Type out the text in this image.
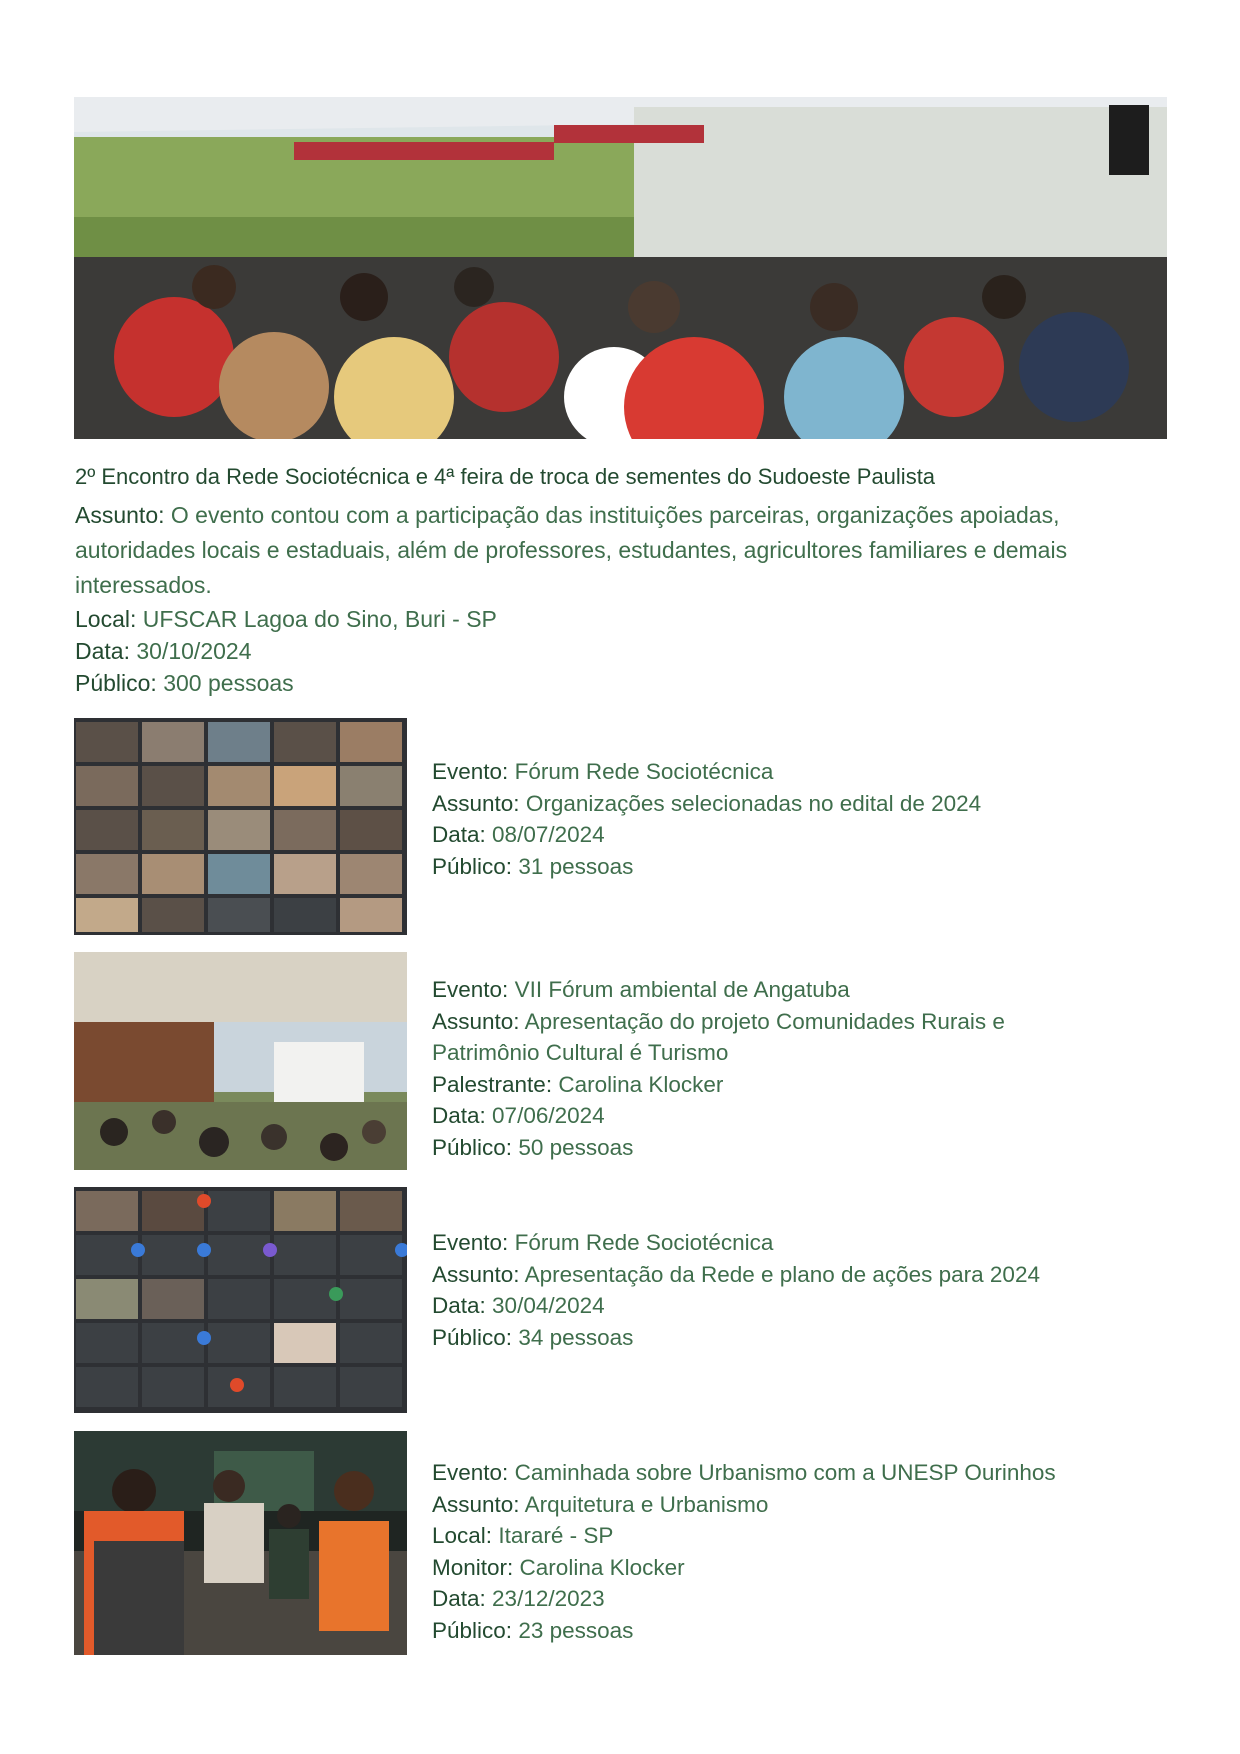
2º Encontro da Rede Sociotécnica e 4ª feira de troca de sementes do Sudoeste Paulista
Assunto: O evento contou com a participação das instituições parceiras, organizações apoiadas, autoridades locais e estaduais, além de professores, estudantes, agricultores familiares e demais interessados.
Local: UFSCAR Lagoa do Sino, Buri - SP
Data: 30/10/2024
Público: 300 pessoas
Evento: Fórum Rede Sociotécnica
Assunto: Organizações selecionadas no edital de 2024
Data: 08/07/2024
Público: 31 pessoas
Evento: VII Fórum ambiental de Angatuba
Assunto: Apresentação do projeto Comunidades Rurais e
Patrimônio Cultural é Turismo
Palestrante: Carolina Klocker
Data: 07/06/2024
Público: 50 pessoas
Evento: Fórum Rede Sociotécnica
Assunto: Apresentação da Rede e plano de ações para 2024
Data: 30/04/2024
Público: 34 pessoas
Evento: Caminhada sobre Urbanismo com a UNESP Ourinhos
Assunto: Arquitetura e Urbanismo
Local: Itararé - SP
Monitor: Carolina Klocker
Data: 23/12/2023
Público: 23 pessoas
